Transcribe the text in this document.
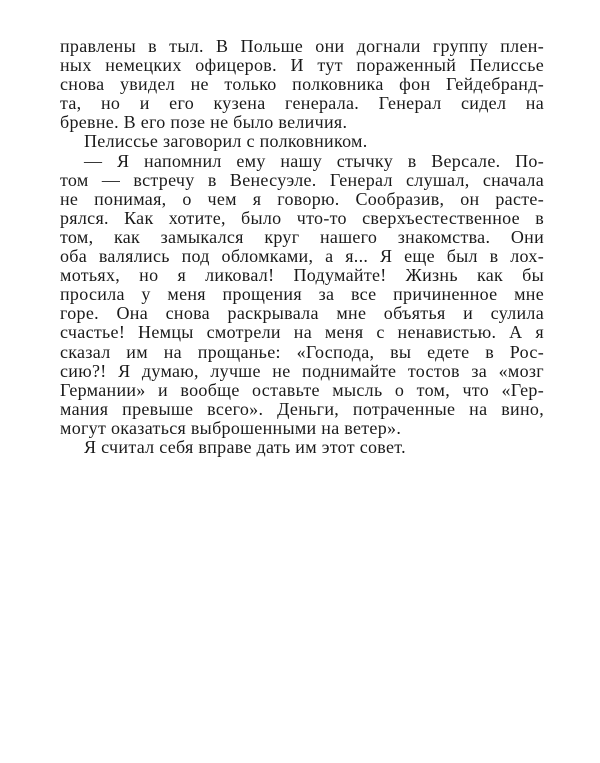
правлены в тыл. В Польше они догнали группу плен-
ных немецких офицеров. И тут пораженный Пелиссье
снова увидел не только полковника фон Гейдебранд-
та, но и его кузена генерала. Генерал сидел на
бревне. В его позе не было величия.
Пелиссье заговорил с полковником.
— Я напомнил ему нашу стычку в Версале. По-
том — встречу в Венесуэле. Генерал слушал, сначала
не понимая, о чем я говорю. Сообразив, он расте-
рялся. Как хотите, было что-то сверхъестественное в
том, как замыкался круг нашего знакомства. Они
оба валялись под обломками, а я... Я еще был в лох-
мотьях, но я ликовал! Подумайте! Жизнь как бы
просила у меня прощения за все причиненное мне
горе. Она снова раскрывала мне объятья и сулила
счастье! Немцы смотрели на меня с ненавистью. А я
сказал им на прощанье: «Господа, вы едете в Рос-
сию?! Я думаю, лучше не поднимайте тостов за «мозг
Германии» и вообще оставьте мысль о том, что «Гер-
мания превыше всего». Деньги, потраченные на вино,
могут оказаться выброшенными на ветер».
Я считал себя вправе дать им этот совет.
